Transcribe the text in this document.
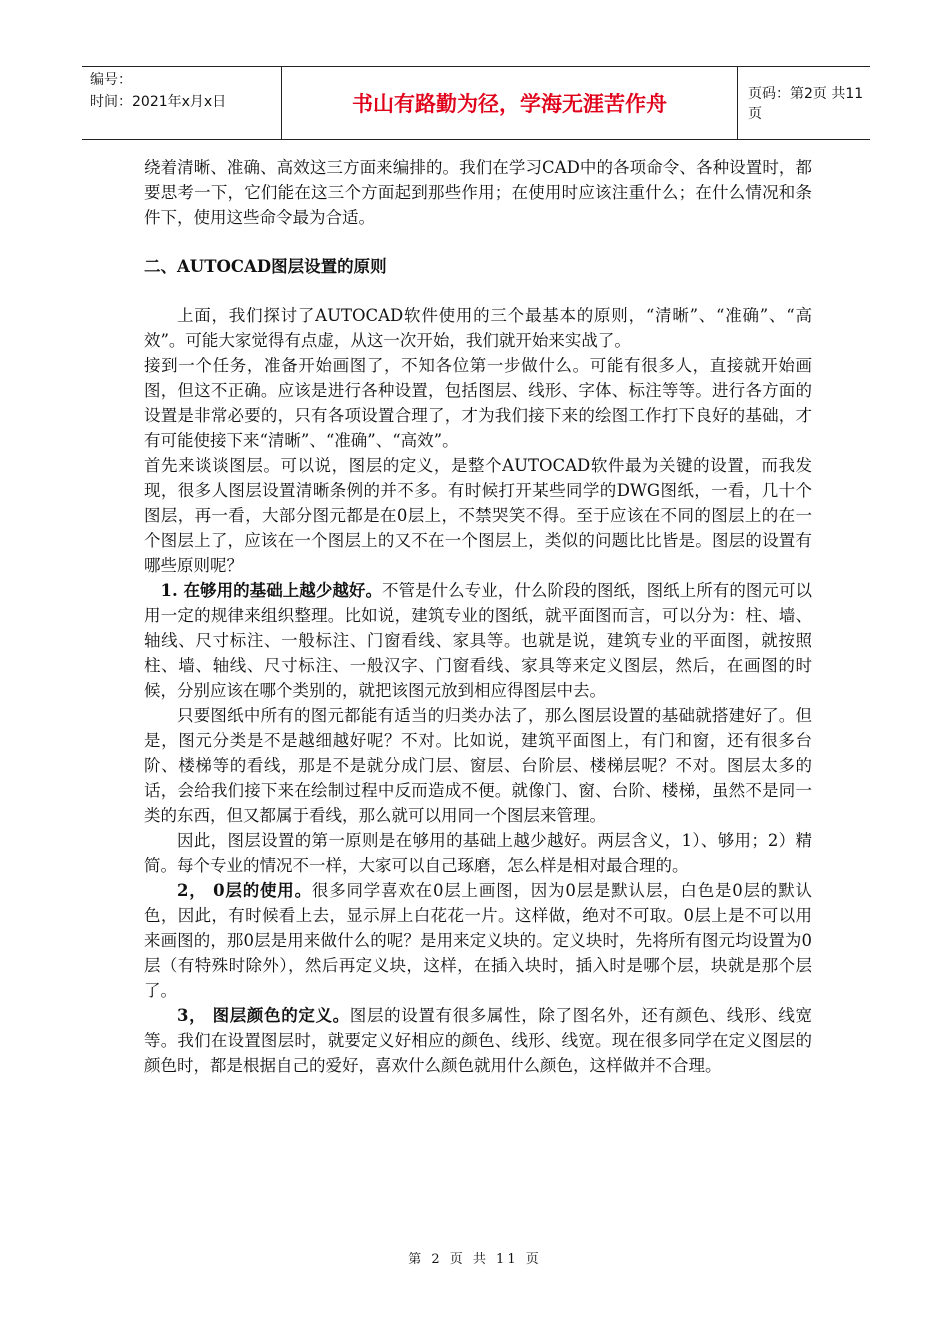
编号：
时间：2021年x月x日	书山有路勤为径，学海无涯苦作舟	页码：第2页 共11页

绕着清晰、准确、高效这三方面来编排的。我们在学习CAD中的各项命令、各种设置时，都要思考一下，它们能在这三个方面起到那些作用；在使用时应该注重什么；在什么情况和条件下，使用这些命令最为合适。

二、AUTOCAD图层设置的原则

上面，我们探讨了AUTOCAD软件使用的三个最基本的原则，“清晰”、“准确”、“高效”。可能大家觉得有点虚，从这一次开始，我们就开始来实战了。

接到一个任务，准备开始画图了，不知各位第一步做什么。可能有很多人，直接就开始画图，但这不正确。应该是进行各种设置，包括图层、线形、字体、标注等等。进行各方面的设置是非常必要的，只有各项设置合理了，才为我们接下来的绘图工作打下良好的基础，才有可能使接下来“清晰”、“准确”、“高效”。

首先来谈谈图层。可以说，图层的定义，是整个AUTOCAD软件最为关键的设置，而我发现，很多人图层设置清晰条例的并不多。有时候打开某些同学的DWG图纸，一看，几十个图层，再一看，大部分图元都是在0层上，不禁哭笑不得。至于应该在不同的图层上的在一个图层上了，应该在一个图层上的又不在一个图层上，类似的问题比比皆是。图层的设置有哪些原则呢？

1. 在够用的基础上越少越好。不管是什么专业，什么阶段的图纸，图纸上所有的图元可以用一定的规律来组织整理。比如说，建筑专业的图纸，就平面图而言，可以分为：柱、墙、轴线、尺寸标注、一般标注、门窗看线、家具等。也就是说，建筑专业的平面图，就按照柱、墙、轴线、尺寸标注、一般汉字、门窗看线、家具等来定义图层，然后，在画图的时候，分别应该在哪个类别的，就把该图元放到相应得图层中去。

只要图纸中所有的图元都能有适当的归类办法了，那么图层设置的基础就搭建好了。但是，图元分类是不是越细越好呢？不对。比如说，建筑平面图上，有门和窗，还有很多台阶、楼梯等的看线，那是不是就分成门层、窗层、台阶层、楼梯层呢？不对。图层太多的话，会给我们接下来在绘制过程中反而造成不便。就像门、窗、台阶、楼梯，虽然不是同一类的东西，但又都属于看线，那么就可以用同一个图层来管理。

因此，图层设置的第一原则是在够用的基础上越少越好。两层含义，1）、够用；2）精简。每个专业的情况不一样，大家可以自己琢磨，怎么样是相对最合理的。

2， 0层的使用。很多同学喜欢在0层上画图，因为0层是默认层，白色是0层的默认色，因此，有时候看上去，显示屏上白花花一片。这样做，绝对不可取。0层上是不可以用来画图的，那0层是用来做什么的呢？是用来定义块的。定义块时，先将所有图元均设置为0层（有特殊时除外），然后再定义块，这样，在插入块时，插入时是哪个层，块就是那个层了。

3， 图层颜色的定义。图层的设置有很多属性，除了图名外，还有颜色、线形、线宽等。我们在设置图层时，就要定义好相应的颜色、线形、线宽。现在很多同学在定义图层的颜色时，都是根据自己的爱好，喜欢什么颜色就用什么颜色，这样做并不合理。

第 2 页 共 11 页
